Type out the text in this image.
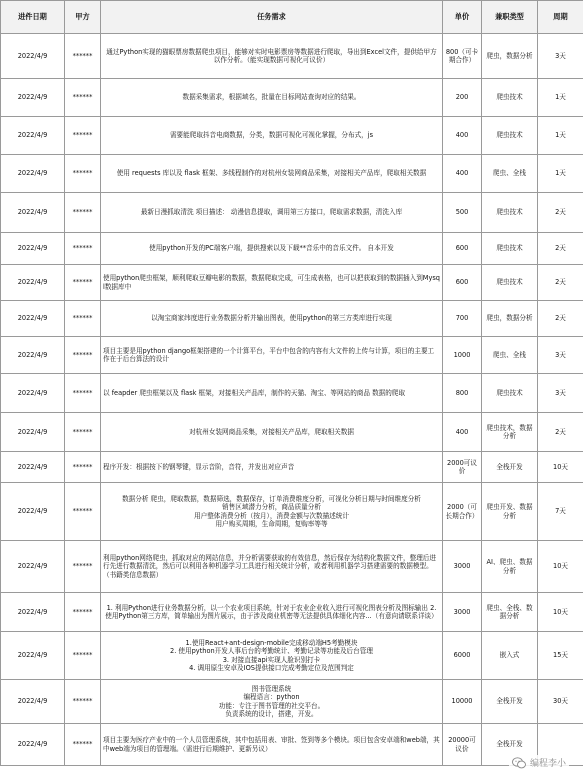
进件日期	甲方	任务需求	单价	兼职类型	周期
2022/4/9	******	通过Python实现的猫眼票房数据爬虫项目，能够对实时电影票房等数据进行爬取，导出到Excel文件，提供给甲方以作分析。（能实现数据可视化可议价）	800（可卡期合作）	爬虫，数据分析	3天
2022/4/9	******	数据采集需求，根据域名，批量在目标网站查询对应的结果。	200	爬虫技术	1天
2022/4/9	******	需要能爬取抖音电商数据，分类，数据可视化可视化掌握，分布式，js	400	爬虫技术	1天
2022/4/9	******	使用 requests 库以及 flask 框架、多线程制作的对杭州女装网商品采集，对接相关产品库，爬取相关数据	400	爬虫、全栈	1天
2022/4/9	******	最新日漫抓取清洗 项目描述： 动漫信息提取，调用第三方接口，爬取需求数据，清洗入库	500	爬虫技术	2天
2022/4/9	******	使用python开发的PC端客户端，提供搜索以及下载**音乐中的音乐文件。 自本开发	600	爬虫技术	2天
2022/4/9	******	使用python爬虫框架，顺利爬取豆瓣电影的数据，数据爬取完成，可生成表格，也可以把获取到的数据插入到Mysql数据库中	600	爬虫技术	2天
2022/4/9	******	以淘宝商家纬度进行业务数据分析并输出图表，使用python的第三方类库进行实现	700	爬虫，数据分析	2天
2022/4/9	******	项目主要是用python django框架搭建的一个计算平台，平台中包含的内容有大文件的上传与计算，项目的主要工作在于后台算法的设计	1000	爬虫、全栈	3天
2022/4/9	******	以 feapder 爬虫框架以及 flask 框架，对接相关产品库，制作的天猫、淘宝、等网站的商品 数据的爬取	800	爬虫技术	3天
2022/4/9	******	对杭州女装网商品采集，对接相关产品库，爬取相关数据	400	爬虫技术，数据分析	2天
2022/4/9	******	程序开发：根据按下的钢琴键，显示音阶，音符，并发出对应声音	2000可议价	全栈开发	10天
2022/4/9	******	数据分析 爬虫，爬取数据，数据筛选，数据保存，订单消费维度分析，可视化分析日期与时间维度分析
销售区域潜力分析，商品质量分析
用户整体消费分析（按月），消费金额与次数描述统计
用户购买周期，生命周期，复购率等等	2000（可长期合作）	爬虫开发、数据分析	7天
2022/4/9	******	利用python网络爬虫，抓取对应的网站信息，并分析需要获取的有效信息，然后保存为结构化数据文件，整理后进行先进行数据清洗，然后可以利用各种机器学习工具进行相关统计分析，或者利用机器学习搭建需要的数据模型。（书籍类信息数据）	3000	AI、爬虫、数据分析	10天
2022/4/9	******	1. 利用Python进行业务数据分析，以一个农业项目系统，针对于农业企业收入进行可视化图表分析及图标输出 2. 使用Python第三方库，简单输出为图片展示，由于涉及商业机密等无法提供具体细化内容...（有意向请联系详谈）	3000	爬虫、全栈、数据分析	10天
2022/4/9	******	1.使用React+ant-design-mobile完成移动端H5考勤模块
2. 使用python开发人事后台的考勤统计、考勤记录等功能及后台管理
3. 对接直接api实现人脸识别打卡
4. 调用原生安卓及IOS提供接口完成考勤定位及范围判定	6000	嵌入式	15天
2022/4/9	******	图书管理系统
编程语言：python
功能：专注于图书管理的社交平台。
负责系统的设计，搭建，开发。	10000	全栈开发	30天
2022/4/9	******	项目主要为医疗产业中的一个人员管理系统，其中包括用表、审批、签到等多个模块。项目包含安卓端和web端，其中web端为项目的管理端。（需进行后期维护、更新另议）	20000可议价	全栈开发	
编程李小
